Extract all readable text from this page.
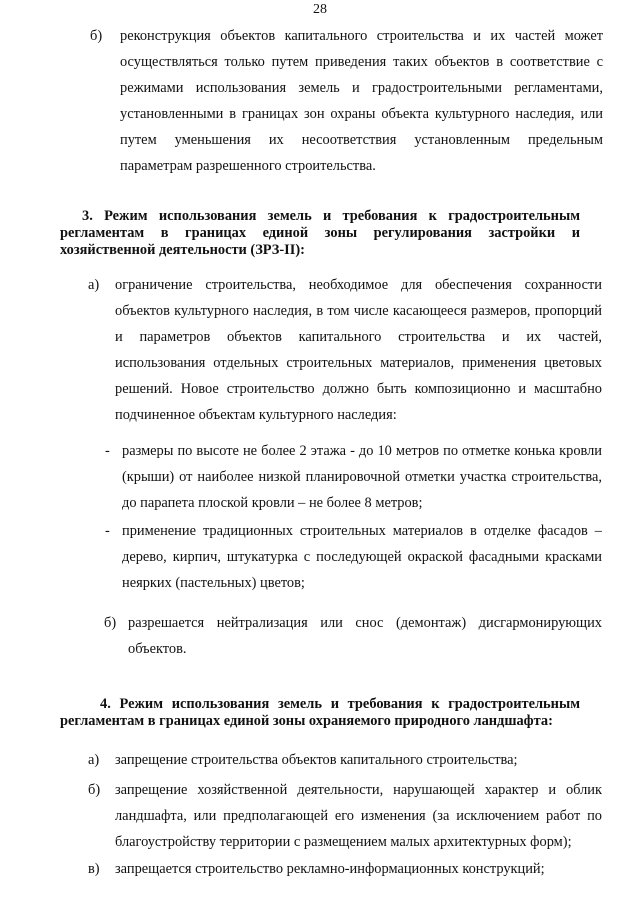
28
б) реконструкция объектов капитального строительства и их частей может осуществляться только путем приведения таких объектов в соответствие с режимами использования земель и градостроительными регламентами, установленными в границах зон охраны объекта культурного наследия, или путем уменьшения их несоответствия установленным предельным параметрам разрешенного строительства.
3. Режим использования земель и требования к градостроительным регламентам в границах единой зоны регулирования застройки и хозяйственной деятельности (ЗРЗ-II):
а) ограничение строительства, необходимое для обеспечения сохранности объектов культурного наследия, в том числе касающееся размеров, пропорций и параметров объектов капитального строительства и их частей, использования отдельных строительных материалов, применения цветовых решений. Новое строительство должно быть композиционно и масштабно подчиненное объектам культурного наследия:
- размеры по высоте не более 2 этажа - до 10 метров по отметке конька кровли (крыши) от наиболее низкой планировочной отметки участка строительства, до парапета плоской кровли – не более 8 метров;
- применение традиционных строительных материалов в отделке фасадов – дерево, кирпич, штукатурка с последующей окраской фасадными красками неярких (пастельных) цветов;
б) разрешается нейтрализация или снос (демонтаж) дисгармонирующих объектов.
4. Режим использования земель и требования к градостроительным регламентам в границах единой зоны охраняемого природного ландшафта:
а) запрещение строительства объектов капитального строительства;
б) запрещение хозяйственной деятельности, нарушающей характер и облик ландшафта, или предполагающей его изменения (за исключением работ по благоустройству территории с размещением малых архитектурных форм);
в) запрещается строительство рекламно-информационных конструкций;
